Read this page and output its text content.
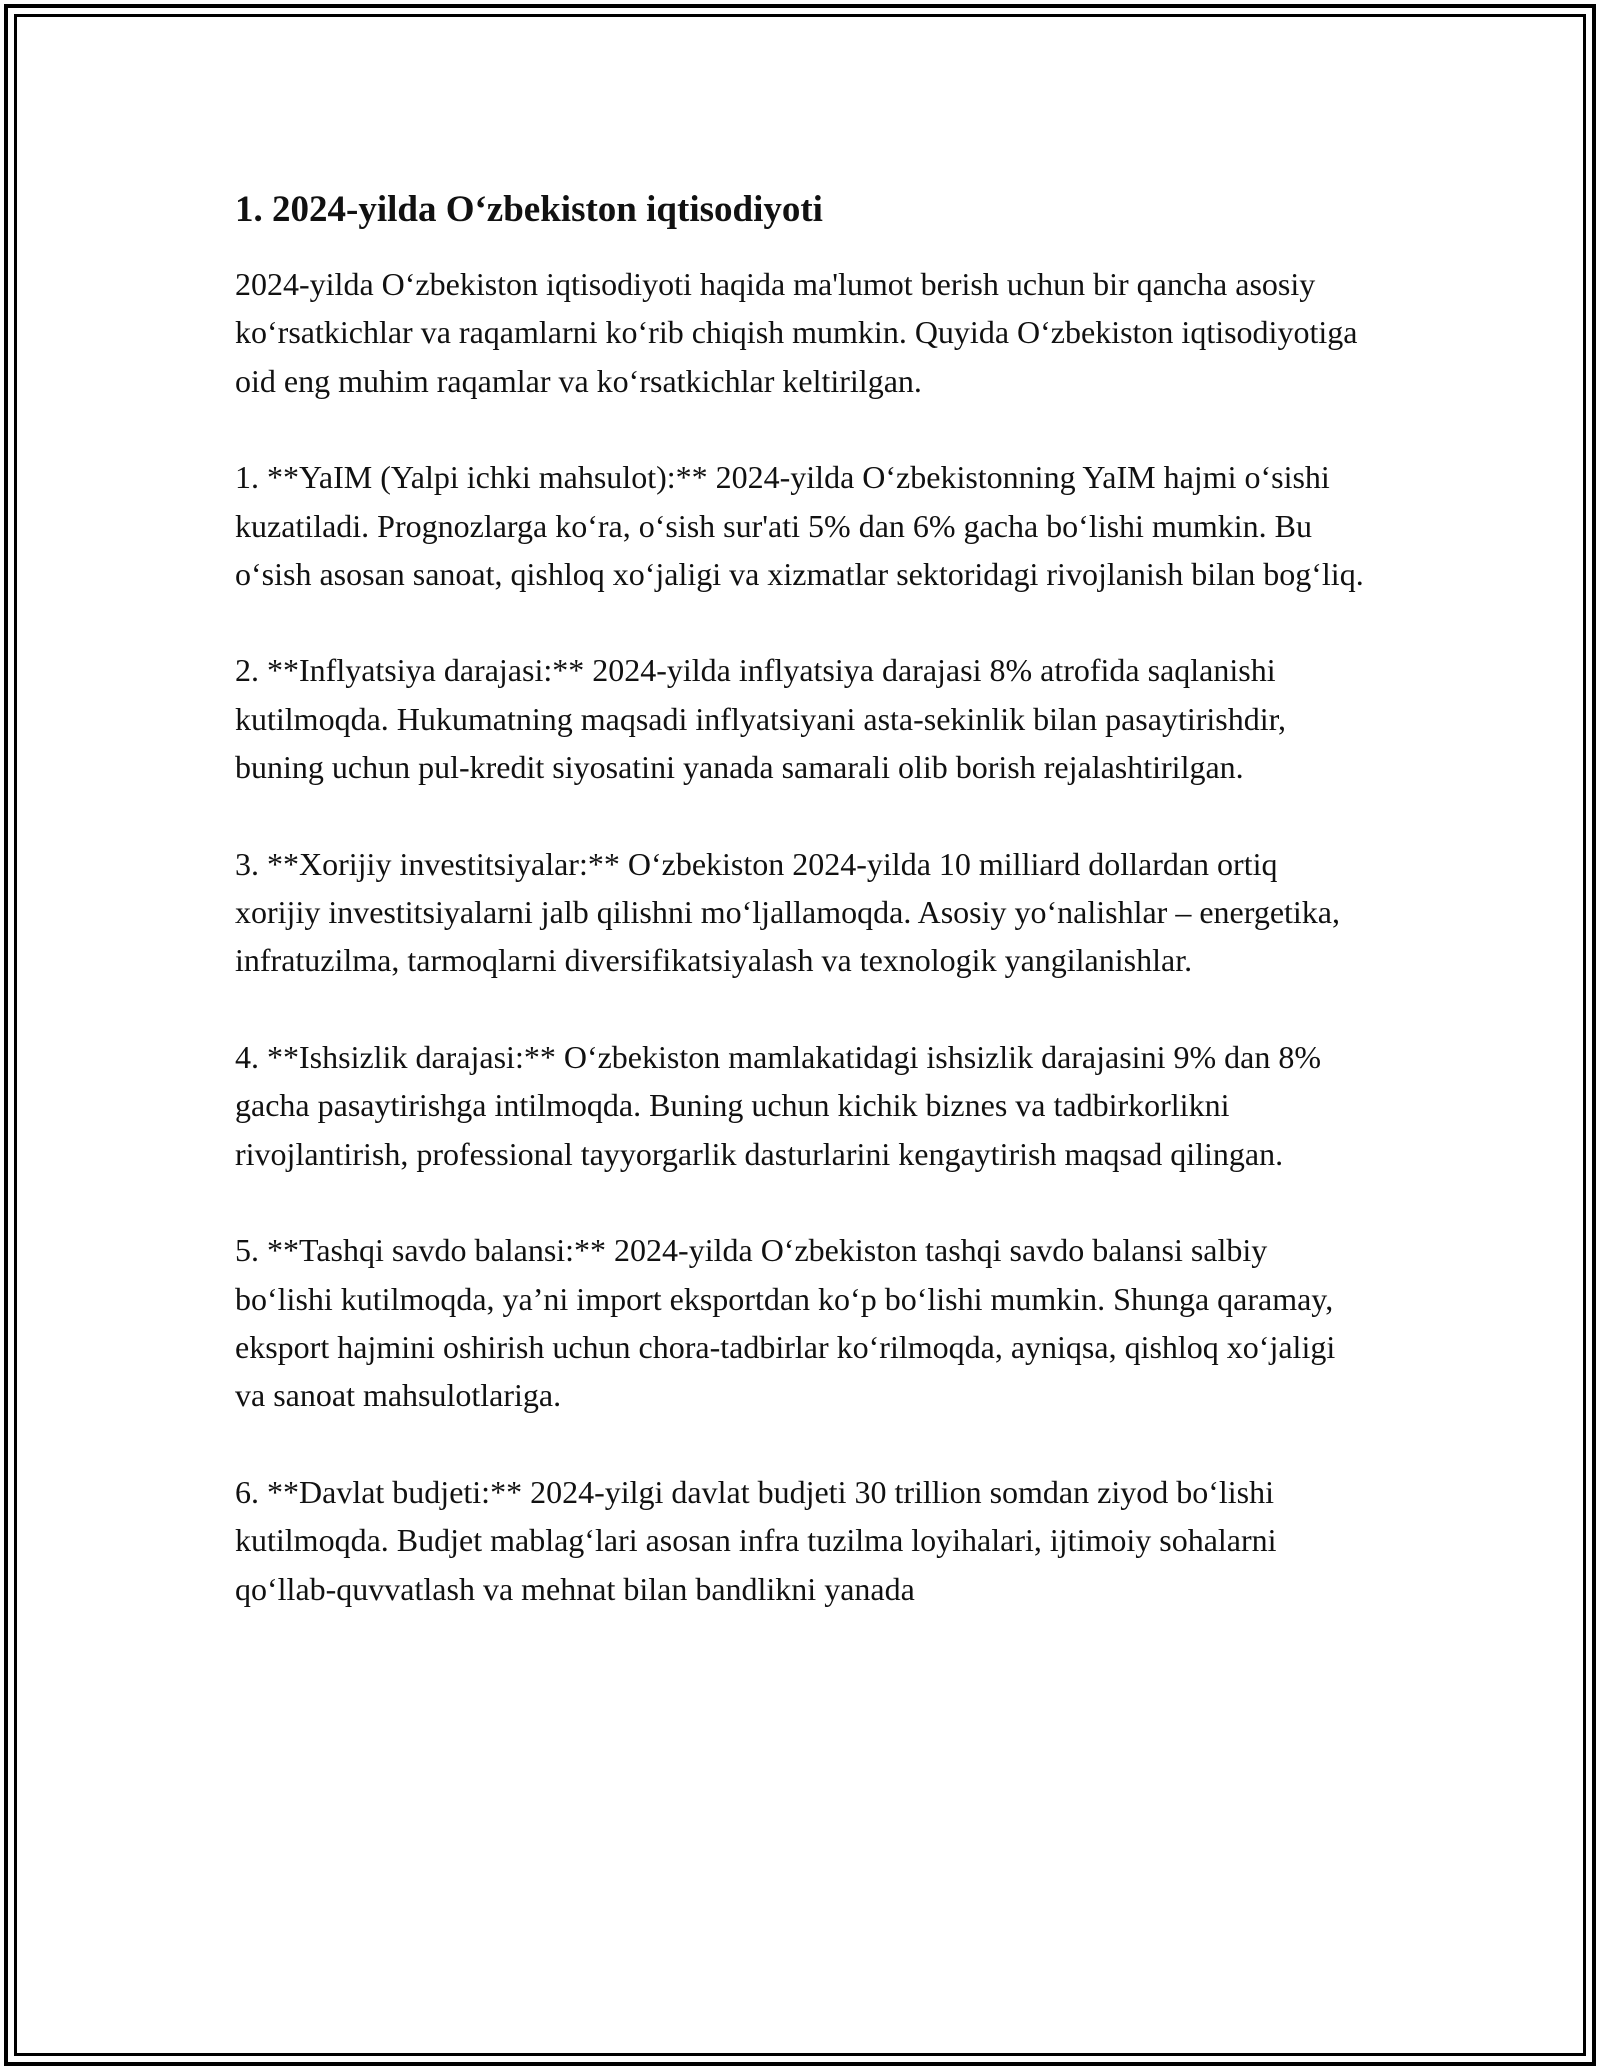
1. 2024-yilda O‘zbekiston iqtisodiyoti

2024-yilda O‘zbekiston iqtisodiyoti haqida ma'lumot berish uchun bir qancha asosiy ko‘rsatkichlar va raqamlarni ko‘rib chiqish mumkin. Quyida O‘zbekiston iqtisodiyotiga oid eng muhim raqamlar va ko‘rsatkichlar keltirilgan.

1. **YaIM (Yalpi ichki mahsulot):** 2024-yilda O‘zbekistonning YaIM hajmi o‘sishi kuzatiladi. Prognozlarga ko‘ra, o‘sish sur'ati 5% dan 6% gacha bo‘lishi mumkin. Bu o‘sish asosan sanoat, qishloq xo‘jaligi va xizmatlar sektoridagi rivojlanish bilan bog‘liq.

2. **Inflyatsiya darajasi:** 2024-yilda inflyatsiya darajasi 8% atrofida saqlanishi kutilmoqda. Hukumatning maqsadi inflyatsiyani asta-sekinlik bilan pasaytirishdir, buning uchun pul-kredit siyosatini yanada samarali olib borish rejalashtirilgan.

3. **Xorijiy investitsiyalar:** O‘zbekiston 2024-yilda 10 milliard dollardan ortiq xorijiy investitsiyalarni jalb qilishni mo‘ljallamoqda. Asosiy yo‘nalishlar – energetika, infratuzilma, tarmoqlarni diversifikatsiyalash va texnologik yangilanishlar.

4. **Ishsizlik darajasi:** O‘zbekiston mamlakatidagi ishsizlik darajasini 9% dan 8% gacha pasaytirishga intilmoqda. Buning uchun kichik biznes va tadbirkorlikni rivojlantirish, professional tayyorgarlik dasturlarini kengaytirish maqsad qilingan.

5. **Tashqi savdo balansi:** 2024-yilda O‘zbekiston tashqi savdo balansi salbiy bo‘lishi kutilmoqda, ya’ni import eksportdan ko‘p bo‘lishi mumkin. Shunga qaramay, eksport hajmini oshirish uchun chora-tadbirlar ko‘rilmoqda, ayniqsa, qishloq xo‘jaligi va sanoat mahsulotlariga.

6. **Davlat budjeti:** 2024-yilgi davlat budjeti 30 trillion somdan ziyod bo‘lishi kutilmoqda. Budjet mablag‘lari asosan infra tuzilma loyihalari, ijtimoiy sohalarni qo‘llab-quvvatlash va mehnat bilan bandlikni yanada
